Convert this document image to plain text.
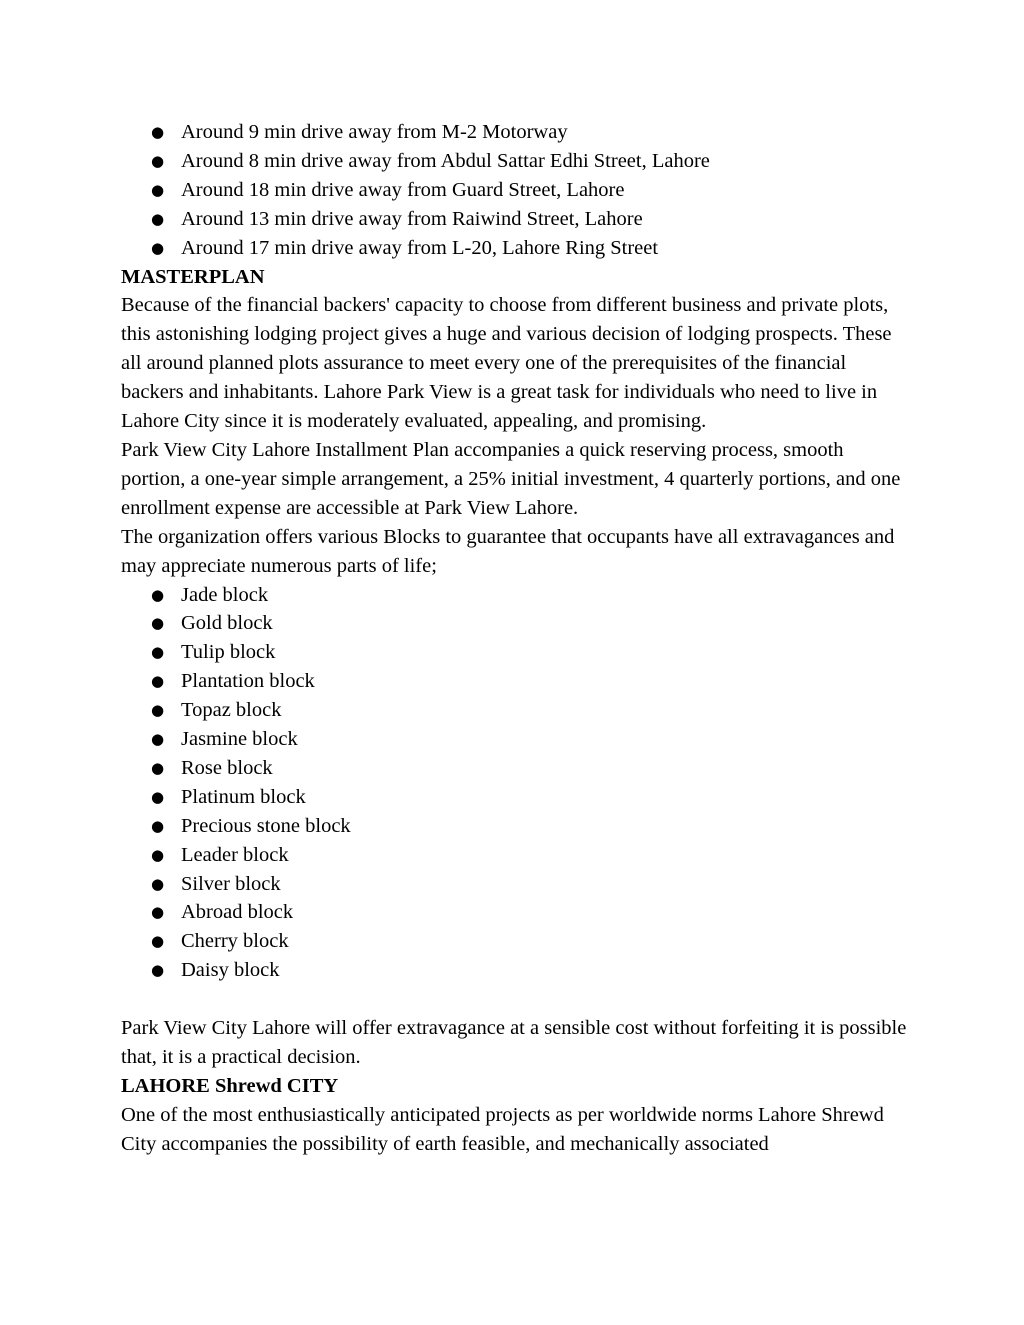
● Around 9 min drive away from M-2 Motorway
● Around 8 min drive away from Abdul Sattar Edhi Street, Lahore
● Around 18 min drive away from Guard Street, Lahore
● Around 13 min drive away from Raiwind Street, Lahore
● Around 17 min drive away from L-20, Lahore Ring Street

MASTERPLAN

Because of the financial backers' capacity to choose from different business and private plots, this astonishing lodging project gives a huge and various decision of lodging prospects. These all around planned plots assurance to meet every one of the prerequisites of the financial backers and inhabitants. Lahore Park View is a great task for individuals who need to live in Lahore City since it is moderately evaluated, appealing, and promising.

Park View City Lahore Installment Plan accompanies a quick reserving process, smooth portion, a one-year simple arrangement, a 25% initial investment, 4 quarterly portions, and one enrollment expense are accessible at Park View Lahore.

The organization offers various Blocks to guarantee that occupants have all extravagances and may appreciate numerous parts of life;

● Jade block
● Gold block
● Tulip block
● Plantation block
● Topaz block
● Jasmine block
● Rose block
● Platinum block
● Precious stone block
● Leader block
● Silver block
● Abroad block
● Cherry block
● Daisy block

Park View City Lahore will offer extravagance at a sensible cost without forfeiting it is possible that, it is a practical decision.

LAHORE Shrewd CITY

One of the most enthusiastically anticipated projects as per worldwide norms Lahore Shrewd City accompanies the possibility of earth feasible, and mechanically associated
